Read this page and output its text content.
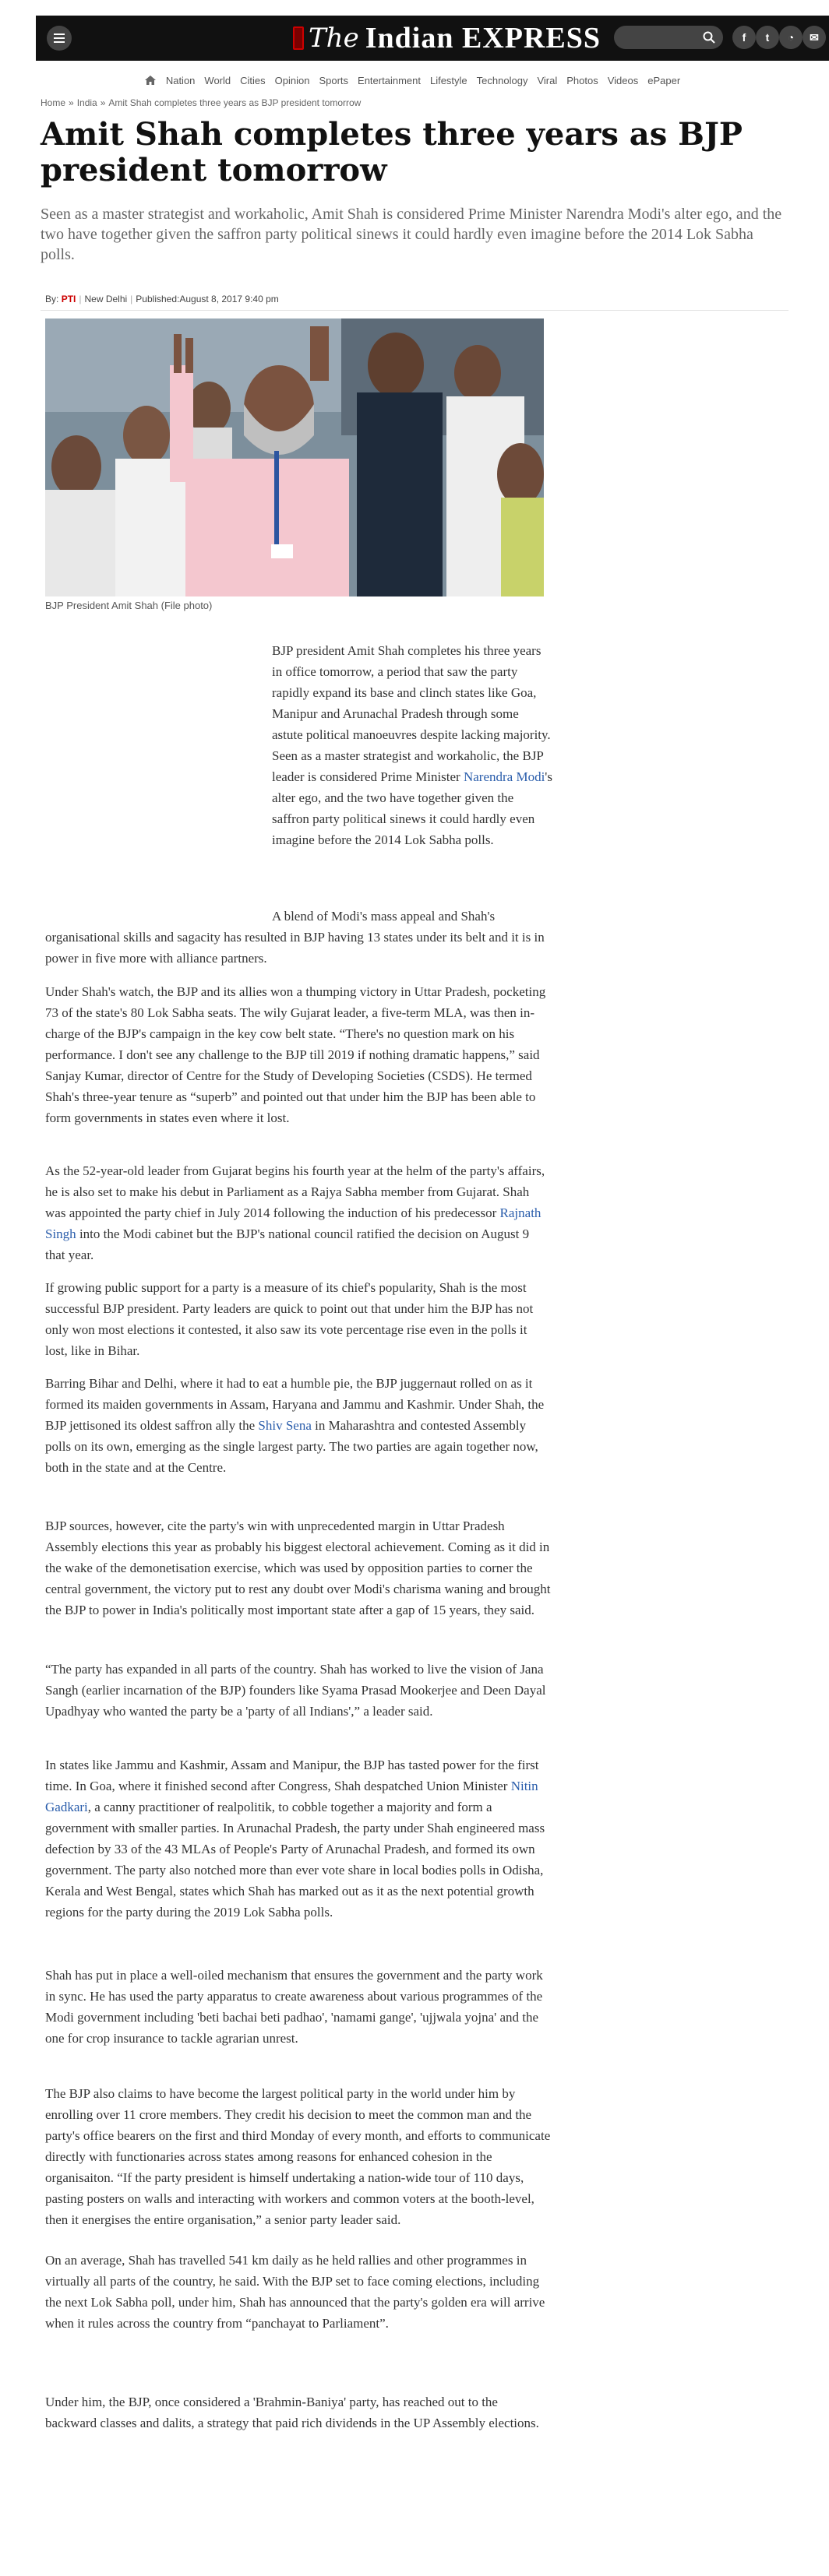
The Indian EXPRESS	f	t	◔	✉
Nation World Cities Opinion Sports Entertainment Lifestyle Technology Viral Photos Videos ePaper
Home » India » Amit Shah completes three years as BJP president tomorrow
Amit Shah completes three years as BJP president tomorrow

Seen as a master strategist and workaholic, Amit Shah is considered Prime Minister Narendra Modi's alter ego, and the two have together given the saffron party political sinews it could hardly even imagine before the 2014 Lok Sabha polls.

By: PTI | New Delhi | Published:August 8, 2017 9:40 pm
BJP President Amit Shah (File photo)

BJP president Amit Shah completes his three years in office tomorrow, a period that saw the party rapidly expand its base and clinch states like Goa, Manipur and Arunachal Pradesh through some astute political manoeuvres despite lacking majority. Seen as a master strategist and workaholic, the BJP leader is considered Prime Minister Narendra Modi's alter ego, and the two have together given the saffron party political sinews it could hardly even imagine before the 2014 Lok Sabha polls.

A blend of Modi's mass appeal and Shah's organisational skills and sagacity has resulted in BJP having 13 states under its belt and it is in power in five more with alliance partners.

Under Shah's watch, the BJP and its allies won a thumping victory in Uttar Pradesh, pocketing 73 of the state's 80 Lok Sabha seats. The wily Gujarat leader, a five-term MLA, was then in-charge of the BJP's campaign in the key cow belt state. “There's no question mark on his performance. I don't see any challenge to the BJP till 2019 if nothing dramatic happens,” said Sanjay Kumar, director of Centre for the Study of Developing Societies (CSDS). He termed Shah's three-year tenure as “superb” and pointed out that under him the BJP has been able to form governments in states even where it lost.

As the 52-year-old leader from Gujarat begins his fourth year at the helm of the party's affairs, he is also set to make his debut in Parliament as a Rajya Sabha member from Gujarat. Shah was appointed the party chief in July 2014 following the induction of his predecessor Rajnath Singh into the Modi cabinet but the BJP's national council ratified the decision on August 9 that year.

If growing public support for a party is a measure of its chief's popularity, Shah is the most successful BJP president. Party leaders are quick to point out that under him the BJP has not only won most elections it contested, it also saw its vote percentage rise even in the polls it lost, like in Bihar.

Barring Bihar and Delhi, where it had to eat a humble pie, the BJP juggernaut rolled on as it formed its maiden governments in Assam, Haryana and Jammu and Kashmir. Under Shah, the BJP jettisoned its oldest saffron ally the Shiv Sena in Maharashtra and contested Assembly polls on its own, emerging as the single largest party. The two parties are again together now, both in the state and at the Centre.

BJP sources, however, cite the party's win with unprecedented margin in Uttar Pradesh Assembly elections this year as probably his biggest electoral achievement. Coming as it did in the wake of the demonetisation exercise, which was used by opposition parties to corner the central government, the victory put to rest any doubt over Modi's charisma waning and brought the BJP to power in India's politically most important state after a gap of 15 years, they said.

“The party has expanded in all parts of the country. Shah has worked to live the vision of Jana Sangh (earlier incarnation of the BJP) founders like Syama Prasad Mookerjee and Deen Dayal Upadhyay who wanted the party be a 'party of all Indians',” a leader said.

In states like Jammu and Kashmir, Assam and Manipur, the BJP has tasted power for the first time. In Goa, where it finished second after Congress, Shah despatched Union Minister Nitin Gadkari, a canny practitioner of realpolitik, to cobble together a majority and form a government with smaller parties. In Arunachal Pradesh, the party under Shah engineered mass defection by 33 of the 43 MLAs of People's Party of Arunachal Pradesh, and formed its own government. The party also notched more than ever vote share in local bodies polls in Odisha, Kerala and West Bengal, states which Shah has marked out as it as the next potential growth regions for the party during the 2019 Lok Sabha polls.

Shah has put in place a well-oiled mechanism that ensures the government and the party work in sync. He has used the party apparatus to create awareness about various programmes of the Modi government including 'beti bachai beti padhao', 'namami gange', 'ujjwala yojna' and the one for crop insurance to tackle agrarian unrest.

The BJP also claims to have become the largest political party in the world under him by enrolling over 11 crore members. They credit his decision to meet the common man and the party's office bearers on the first and third Monday of every month, and efforts to communicate directly with functionaries across states among reasons for enhanced cohesion in the organisaiton. “If the party president is himself undertaking a nation-wide tour of 110 days, pasting posters on walls and interacting with workers and common voters at the booth-level, then it energises the entire organisation,” a senior party leader said.

On an average, Shah has travelled 541 km daily as he held rallies and other programmes in virtually all parts of the country, he said. With the BJP set to face coming elections, including the next Lok Sabha poll, under him, Shah has announced that the party's golden era will arrive when it rules across the country from “panchayat to Parliament”.

Under him, the BJP, once considered a 'Brahmin-Baniya' party, has reached out to the backward classes and dalits, a strategy that paid rich dividends in the UP Assembly elections.
